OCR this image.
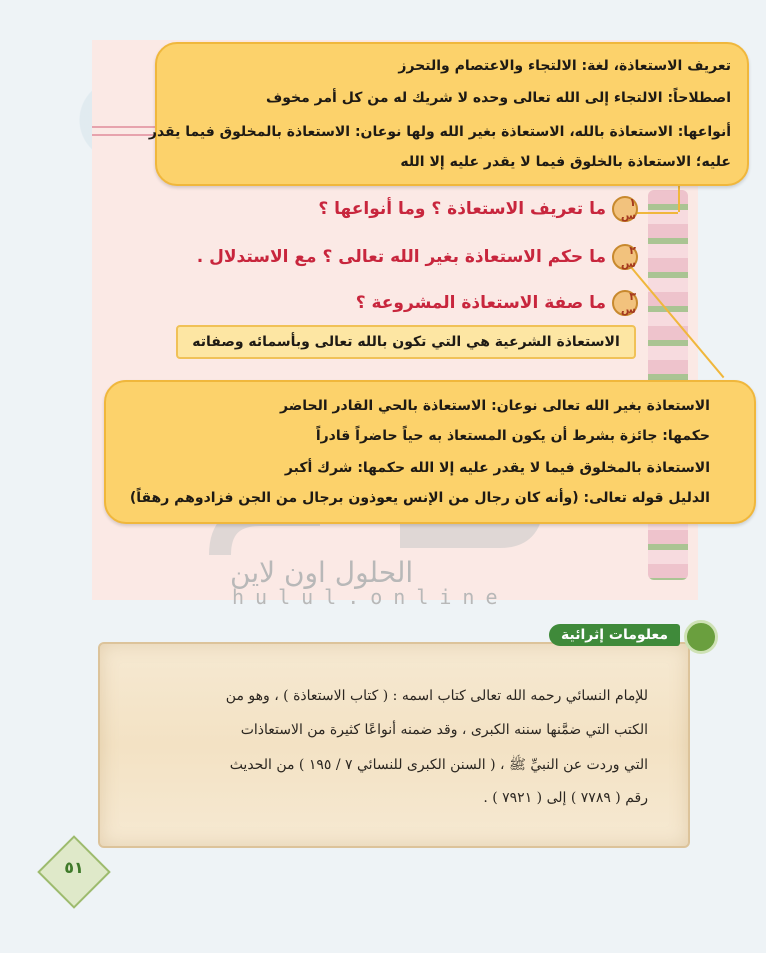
الحلول اون لاين
hulul.online
تعريف الاستعاذة، لغة: الالتجاء والاعتصام والتحرز
اصطلاحاً: الالتجاء إلى الله تعالى وحده لا شريك له من كل أمر مخوف
أنواعها: الاستعاذة بالله، الاستعاذة بغير الله ولها نوعان: الاستعاذة بالمخلوق فيما يقدر
عليه؛ الاستعاذة بالخلوق فيما لا يقدر عليه إلا الله
١ س
ما تعريف الاستعاذة ؟ وما أنواعها ؟
٢ س
ما حكم الاستعاذة بغير الله تعالى ؟ مع الاستدلال .
٣ س
ما صفة الاستعاذة المشروعة ؟
الاستعاذة الشرعية هي التي تكون بالله تعالى وبأسمائه وصفاته
الاستعاذة بغير الله تعالى نوعان: الاستعاذة بالحي القادر الحاضر
حكمها: جائزة بشرط أن يكون المستعاذ به حياً حاضراً قادراً
الاستعاذة بالمخلوق فيما لا يقدر عليه إلا الله حكمها: شرك أكبر
الدليل قوله تعالى: (وأنه كان رجال من الإنس يعوذون برجال من الجن فزادوهم رهقاً)
للإمام النسائي رحمه الله تعالى كتاب اسمه : ( كتاب الاستعاذة ) ، وهو من
الكتب التي ضمَّنها سننه الكبرى ، وقد ضمنه أنواعًا كثيرة من الاستعاذات
التي وردت عن النبيِّ ﷺ ، ( السنن الكبرى للنسائي ٧ / ١٩٥ ) من الحديث
رقم ( ٧٧٨٩ ) إلى ( ٧٩٢١ ) .
معلومات إثرائية
٥١
